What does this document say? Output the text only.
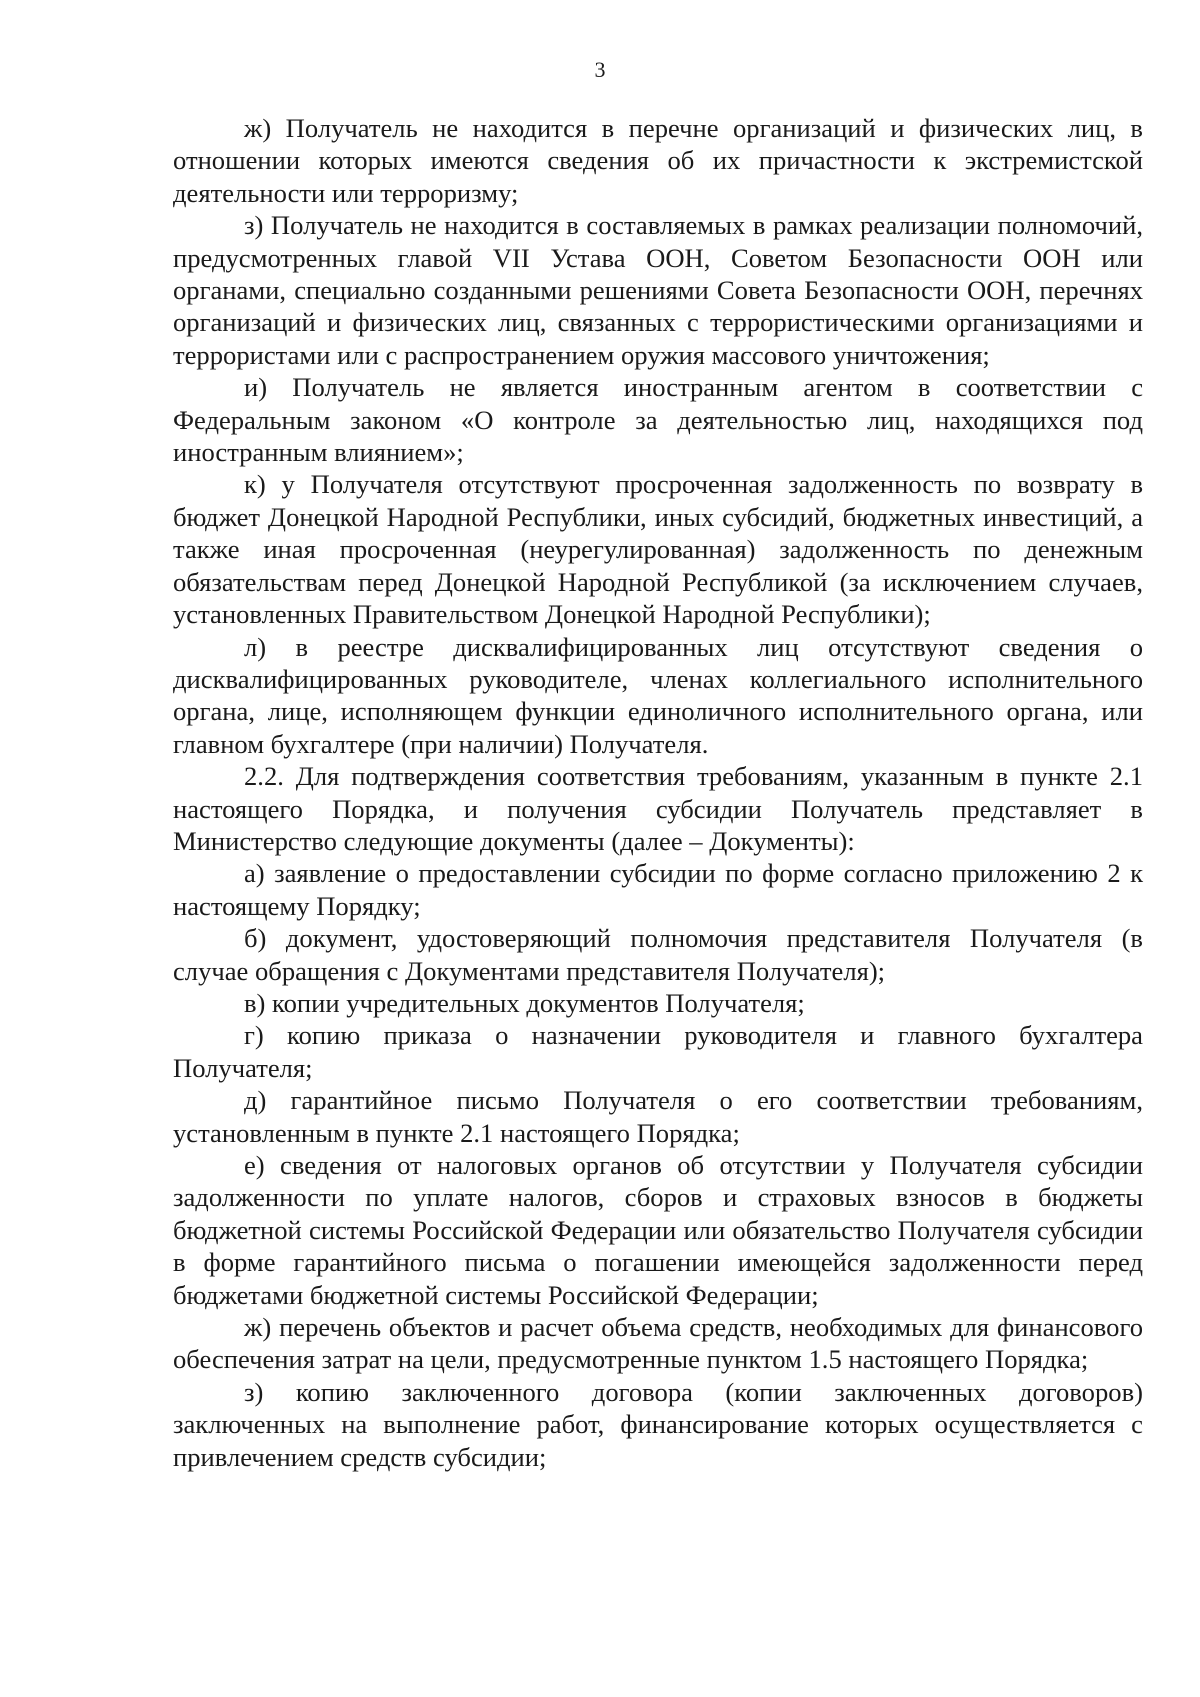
3

ж) Получатель не находится в перечне организаций и физических лиц, в отношении которых имеются сведения об их причастности к экстремистской деятельности или терроризму;

з) Получатель не находится в составляемых в рамках реализации полномочий, предусмотренных главой VII Устава ООН, Советом Безопасности ООН или органами, специально созданными решениями Совета Безопасности ООН, перечнях организаций и физических лиц, связанных с террористическими организациями и террористами или с распространением оружия массового уничтожения;

и) Получатель не является иностранным агентом в соответствии с Федеральным законом «О контроле за деятельностью лиц, находящихся под иностранным влиянием»;

к) у Получателя отсутствуют просроченная задолженность по возврату в бюджет Донецкой Народной Республики, иных субсидий, бюджетных инвестиций, а также иная просроченная (неурегулированная) задолженность по денежным обязательствам перед Донецкой Народной Республикой (за исключением случаев, установленных Правительством Донецкой Народной Республики);

л) в реестре дисквалифицированных лиц отсутствуют сведения о дисквалифицированных руководителе, членах коллегиального исполнительного органа, лице, исполняющем функции единоличного исполнительного органа, или главном бухгалтере (при наличии) Получателя.

2.2. Для подтверждения соответствия требованиям, указанным в пункте 2.1 настоящего Порядка, и получения субсидии Получатель представляет в Министерство следующие документы (далее – Документы):

а) заявление о предоставлении субсидии по форме согласно приложению 2 к настоящему Порядку;

б) документ, удостоверяющий полномочия представителя Получателя (в случае обращения с Документами представителя Получателя);

в) копии учредительных документов Получателя;

г) копию приказа о назначении руководителя и главного бухгалтера Получателя;

д) гарантийное письмо Получателя о его соответствии требованиям, установленным в пункте 2.1 настоящего Порядка;

е) сведения от налоговых органов об отсутствии у Получателя субсидии задолженности по уплате налогов, сборов и страховых взносов в бюджеты бюджетной системы Российской Федерации или обязательство Получателя субсидии в форме гарантийного письма о погашении имеющейся задолженности перед бюджетами бюджетной системы Российской Федерации;

ж) перечень объектов и расчет объема средств, необходимых для финансового обеспечения затрат на цели, предусмотренные пунктом 1.5 настоящего Порядка;

з) копию заключенного договора (копии заключенных договоров) заключенных на выполнение работ, финансирование которых осуществляется с привлечением средств субсидии;
